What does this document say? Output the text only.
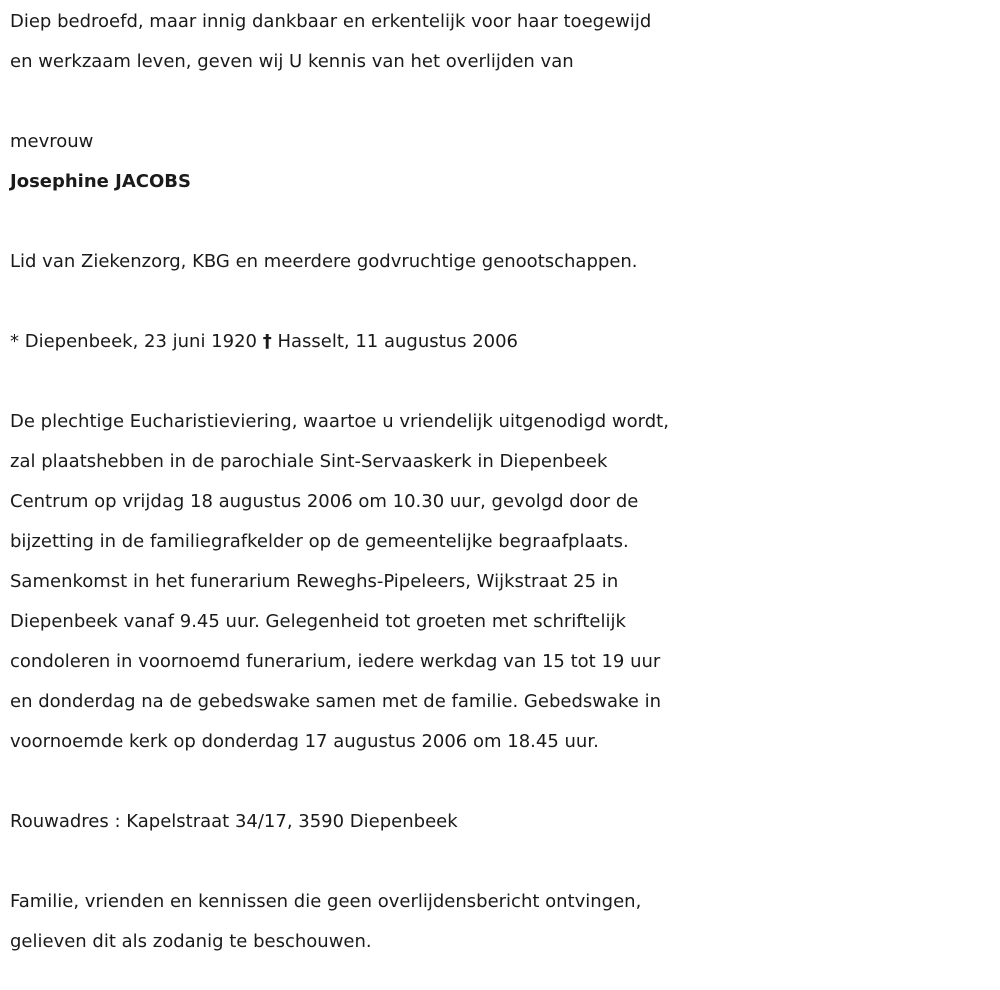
Diep bedroefd, maar innig dankbaar en erkentelijk voor haar toegewijd
en werkzaam leven, geven wij U kennis van het overlijden van
mevrouw
Josephine JACOBS
Lid van Ziekenzorg, KBG en meerdere godvruchtige genootschappen.
* Diepenbeek, 23 juni 1920 † Hasselt, 11 augustus 2006
De plechtige Eucharistieviering, waartoe u vriendelijk uitgenodigd wordt,
zal plaatshebben in de parochiale Sint-Servaaskerk in Diepenbeek
Centrum op vrijdag 18 augustus 2006 om 10.30 uur, gevolgd door de
bijzetting in de familiegrafkelder op de gemeentelijke begraafplaats.
Samenkomst in het funerarium Reweghs-Pipeleers, Wijkstraat 25 in
Diepenbeek vanaf 9.45 uur. Gelegenheid tot groeten met schriftelijk
condoleren in voornoemd funerarium, iedere werkdag van 15 tot 19 uur
en donderdag na de gebedswake samen met de familie. Gebedswake in
voornoemde kerk op donderdag 17 augustus 2006 om 18.45 uur.
Rouwadres : Kapelstraat 34/17, 3590 Diepenbeek
Familie, vrienden en kennissen die geen overlijdensbericht ontvingen,
gelieven dit als zodanig te beschouwen.
